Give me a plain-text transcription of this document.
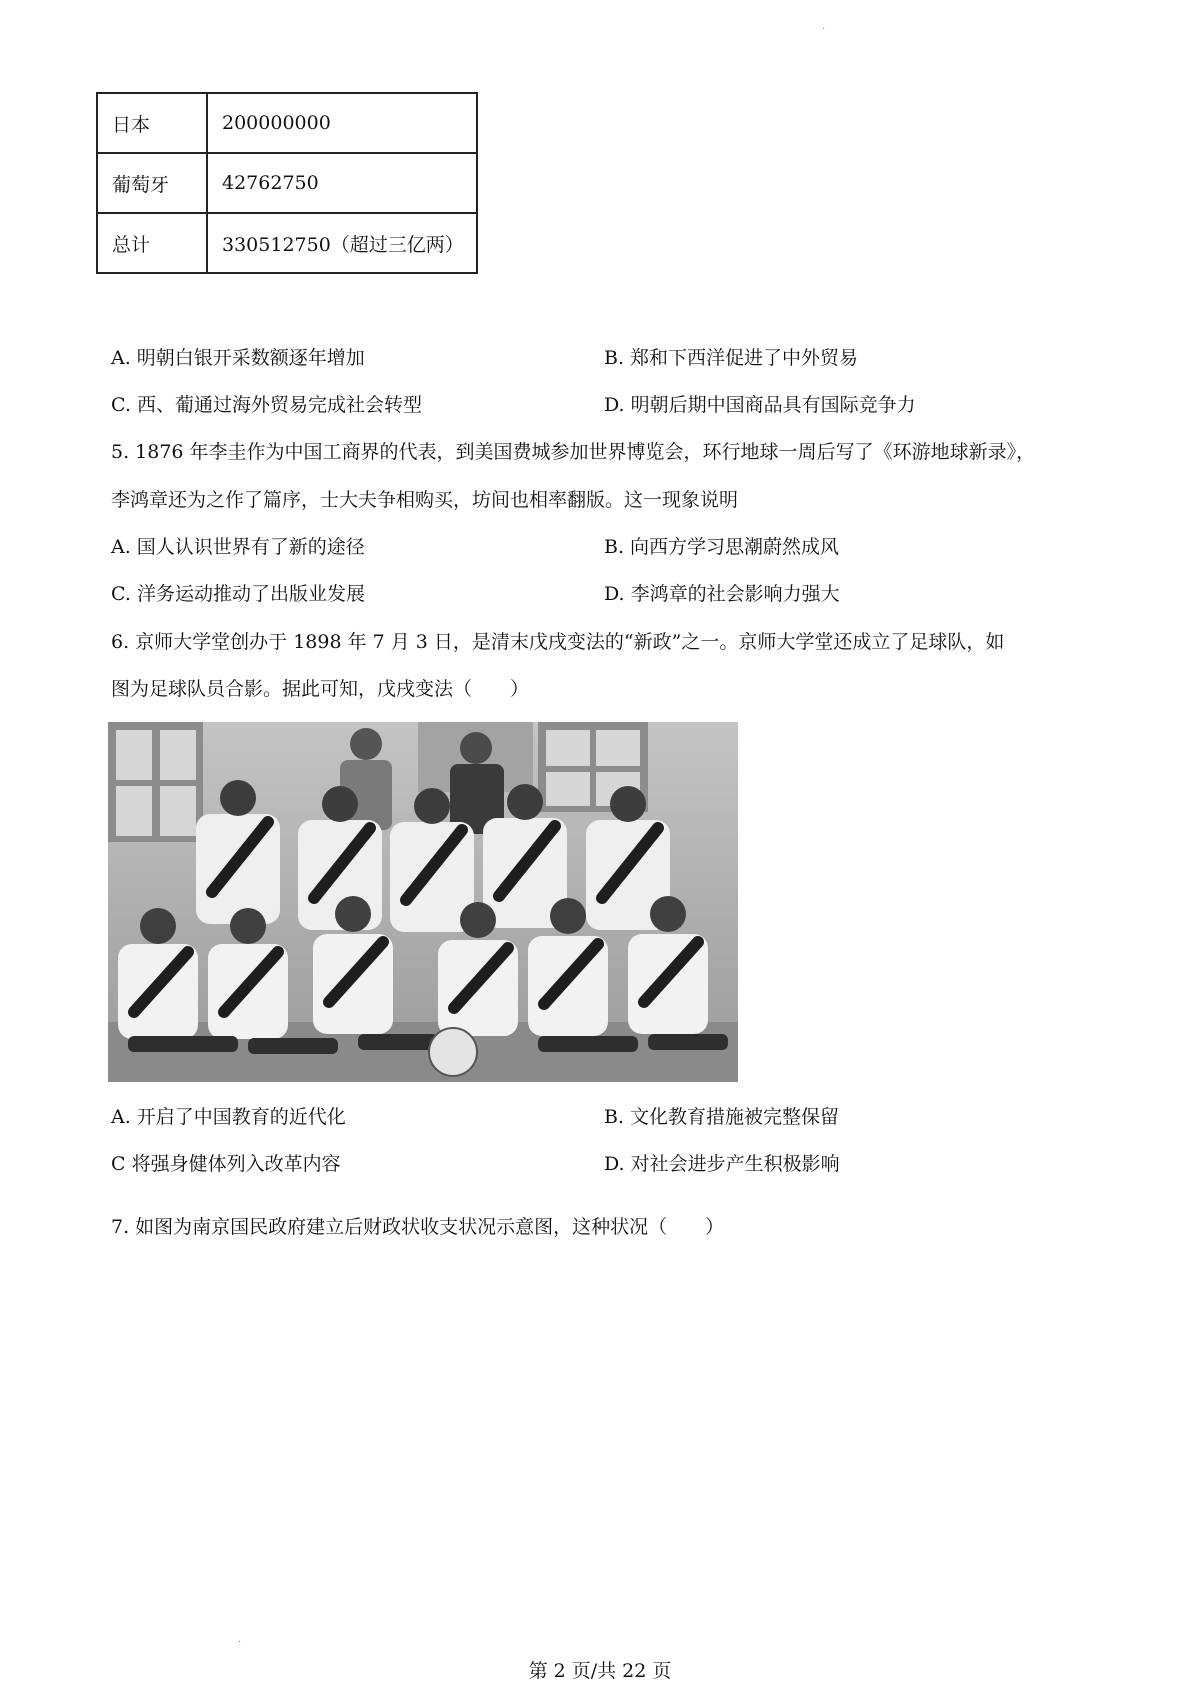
·
·
日本	200000000
葡萄牙	42762750
总计	330512750（超过三亿两）
A. 明朝白银开采数额逐年增加	B. 郑和下西洋促进了中外贸易
C. 西、葡通过海外贸易完成社会转型	D. 明朝后期中国商品具有国际竞争力
5. 1876 年李圭作为中国工商界的代表，到美国费城参加世界博览会，环行地球一周后写了《环游地球新录》，
李鸿章还为之作了篇序，士大夫争相购买，坊间也相率翻版。这一现象说明
A. 国人认识世界有了新的途径	B. 向西方学习思潮蔚然成风
C. 洋务运动推动了出版业发展	D. 李鸿章的社会影响力强大
6. 京师大学堂创办于 1898 年 7 月 3 日，是清末戊戌变法的“新政”之一。京师大学堂还成立了足球队，如
图为足球队员合影。据此可知，戊戌变法（　　）
A. 开启了中国教育的近代化	B. 文化教育措施被完整保留
C 将强身健体列入改革内容	D. 对社会进步产生积极影响
7. 如图为南京国民政府建立后财政状收支状况示意图，这种状况（　　）
第 2 页/共 22 页
